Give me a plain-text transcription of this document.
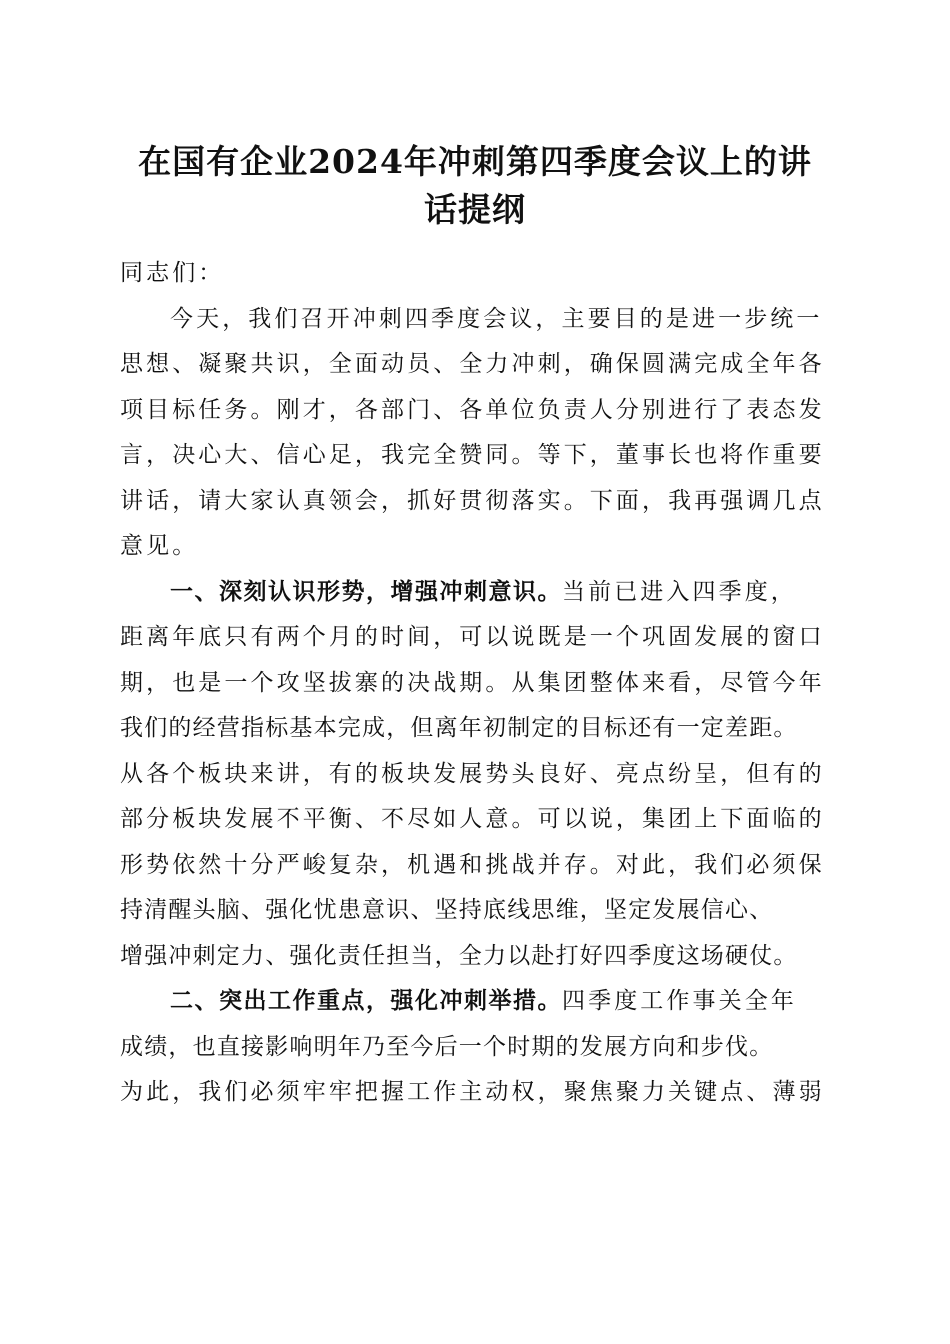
在国有企业2024年冲刺第四季度会议上的讲
话提纲
同志们：
今天，我们召开冲刺四季度会议，主要目的是进一步统一
思想、凝聚共识，全面动员、全力冲刺，确保圆满完成全年各
项目标任务。刚才，各部门、各单位负责人分别进行了表态发
言，决心大、信心足，我完全赞同。等下，董事长也将作重要
讲话，请大家认真领会，抓好贯彻落实。下面，我再强调几点
意见。
一、深刻认识形势，增强冲刺意识。当前已进入四季度，
距离年底只有两个月的时间，可以说既是一个巩固发展的窗口
期，也是一个攻坚拔寨的决战期。从集团整体来看，尽管今年
我们的经营指标基本完成，但离年初制定的目标还有一定差距。
从各个板块来讲，有的板块发展势头良好、亮点纷呈，但有的
部分板块发展不平衡、不尽如人意。可以说，集团上下面临的
形势依然十分严峻复杂，机遇和挑战并存。对此，我们必须保
持清醒头脑、强化忧患意识、坚持底线思维，坚定发展信心、
增强冲刺定力、强化责任担当，全力以赴打好四季度这场硬仗。
二、突出工作重点，强化冲刺举措。四季度工作事关全年
成绩，也直接影响明年乃至今后一个时期的发展方向和步伐。
为此，我们必须牢牢把握工作主动权，聚焦聚力关键点、薄弱
